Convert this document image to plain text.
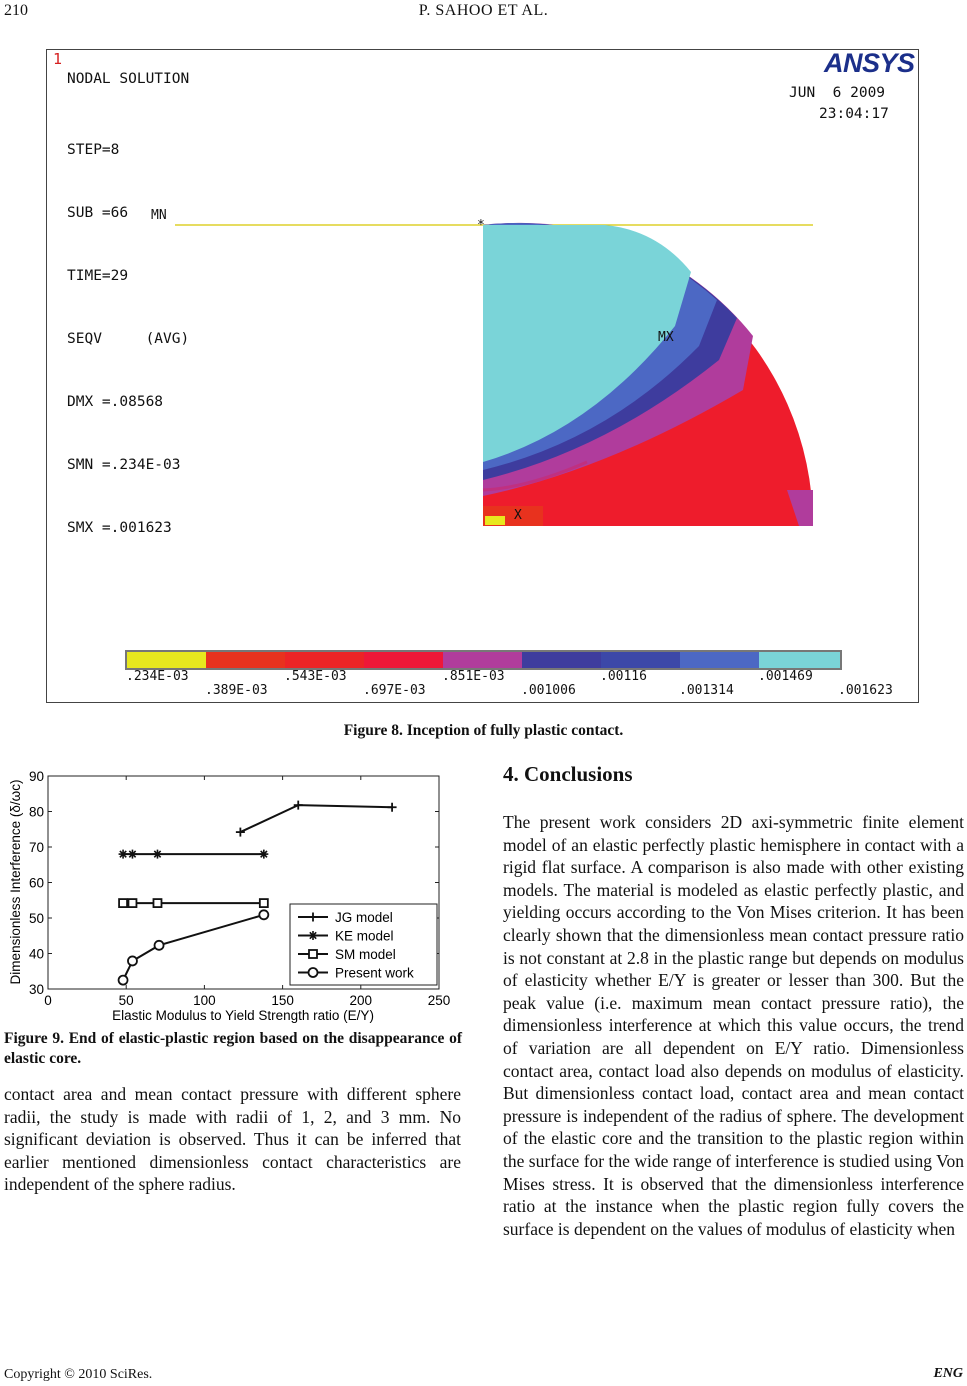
210	P. SAHOO ET AL.
1
NODAL SOLUTION

STEP=8

SUB =66

TIME=29

SEQV     (AVG)

DMX =.08568

SMN =.234E-03

SMX =.001623

ANSYS
JUN  6 2009
23:04:17
MN
*
MX
X
.234E-03	.543E-03	.851E-03	.00116	.001469
.389E-03	.697E-03	.001006	.001314	.001623
Figure 8. Inception of fully plastic contact.
0	50	100	150	200	250
30
40
50
60
70
80
90
JG model
KE model
SM model
Present work
Elastic Modulus to Yield Strength ratio (E/Y)
Dimensionless Interference (δ/ωc)
Figure 9. End of elastic-plastic region based on the disappearance of elastic core.
contact area and mean contact pressure with different sphere radii, the study is made with radii of 1, 2, and 3 mm. No significant deviation is observed. Thus it can be inferred that earlier mentioned dimensionless contact characteristics are independent of the sphere radius.
4. Conclusions
The present work considers 2D axi-symmetric finite element model of an elastic perfectly plastic hemisphere in contact with a rigid flat surface. A comparison is also made with other existing models. The material is modeled as elastic perfectly plastic, and yielding occurs according to the Von Mises criterion. It has been clearly shown that the dimensionless mean contact pressure ratio is not constant at 2.8 in the plastic range but depends on modulus of elasticity whether E/Y is greater or lesser than 300. But the peak value (i.e. maximum mean contact pressure ratio), the dimensionless interference at which this value occurs, the trend of variation are all dependent on E/Y ratio. Dimensionless contact area, contact load also depends on modulus of elasticity. But dimensionless contact load, contact area and mean contact pressure is independent of the radius of sphere. The development of the elastic core and the transition to the plastic region within the surface for the wide range of interference is studied using Von Mises stress. It is observed that the dimensionless interference ratio at the instance when the plastic region fully covers the surface is dependent on the values of modulus of elasticity when
Copyright © 2010 SciRes.	ENG
